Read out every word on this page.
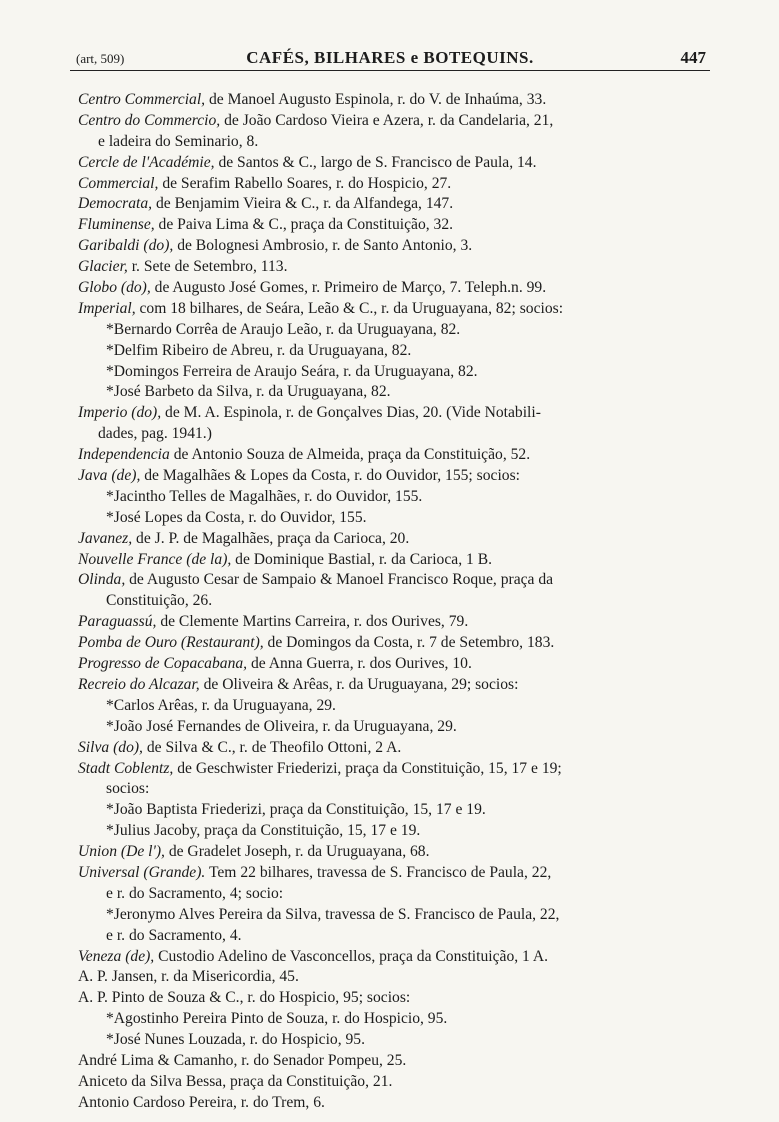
(art, 509)	CAFÉS, BILHARES e BOTEQUINS.	447
Centro Commercial, de Manoel Augusto Espinola, r. do V. de Inhaúma, 33.
Centro do Commercio, de João Cardoso Vieira e Azera, r. da Candelaria, 21,
e ladeira do Seminario, 8.
Cercle de l'Académie, de Santos & C., largo de S. Francisco de Paula, 14.
Commercial, de Serafim Rabello Soares, r. do Hospicio, 27.
Democrata, de Benjamim Vieira & C., r. da Alfandega, 147.
Fluminense, de Paiva Lima & C., praça da Constituição, 32.
Garibaldi (do), de Bolognesi Ambrosio, r. de Santo Antonio, 3.
Glacier, r. Sete de Setembro, 113.
Globo (do), de Augusto José Gomes, r. Primeiro de Março, 7. Teleph.n. 99.
Imperial, com 18 bilhares, de Seára, Leão & C., r. da Uruguayana, 82; socios:
*Bernardo Corrêa de Araujo Leão, r. da Uruguayana, 82.
*Delfim Ribeiro de Abreu, r. da Uruguayana, 82.
*Domingos Ferreira de Araujo Seára, r. da Uruguayana, 82.
*José Barbeto da Silva, r. da Uruguayana, 82.
Imperio (do), de M. A. Espinola, r. de Gonçalves Dias, 20. (Vide Notabili-
dades, pag. 1941.)
Independencia de Antonio Souza de Almeida, praça da Constituição, 52.
Java (de), de Magalhães & Lopes da Costa, r. do Ouvidor, 155; socios:
*Jacintho Telles de Magalhães, r. do Ouvidor, 155.
*José Lopes da Costa, r. do Ouvidor, 155.
Javanez, de J. P. de Magalhães, praça da Carioca, 20.
Nouvelle France (de la), de Dominique Bastial, r. da Carioca, 1 B.
Olinda, de Augusto Cesar de Sampaio & Manoel Francisco Roque, praça da
Constituição, 26.
Paraguassú, de Clemente Martins Carreira, r. dos Ourives, 79.
Pomba de Ouro (Restaurant), de Domingos da Costa, r. 7 de Setembro, 183.
Progresso de Copacabana, de Anna Guerra, r. dos Ourives, 10.
Recreio do Alcazar, de Oliveira & Arêas, r. da Uruguayana, 29; socios:
*Carlos Arêas, r. da Uruguayana, 29.
*João José Fernandes de Oliveira, r. da Uruguayana, 29.
Silva (do), de Silva & C., r. de Theofilo Ottoni, 2 A.
Stadt Coblentz, de Geschwister Friederizi, praça da Constituição, 15, 17 e 19;
socios:
*João Baptista Friederizi, praça da Constituição, 15, 17 e 19.
*Julius Jacoby, praça da Constituição, 15, 17 e 19.
Union (De l'), de Gradelet Joseph, r. da Uruguayana, 68.
Universal (Grande). Tem 22 bilhares, travessa de S. Francisco de Paula, 22,
e r. do Sacramento, 4; socio:
*Jeronymo Alves Pereira da Silva, travessa de S. Francisco de Paula, 22,
e r. do Sacramento, 4.
Veneza (de), Custodio Adelino de Vasconcellos, praça da Constituição, 1 A.
A. P. Jansen, r. da Misericordia, 45.
A. P. Pinto de Souza & C., r. do Hospicio, 95; socios:
*Agostinho Pereira Pinto de Souza, r. do Hospicio, 95.
*José Nunes Louzada, r. do Hospicio, 95.
André Lima & Camanho, r. do Senador Pompeu, 25.
Aniceto da Silva Bessa, praça da Constituição, 21.
Antonio Cardoso Pereira, r. do Trem, 6.
